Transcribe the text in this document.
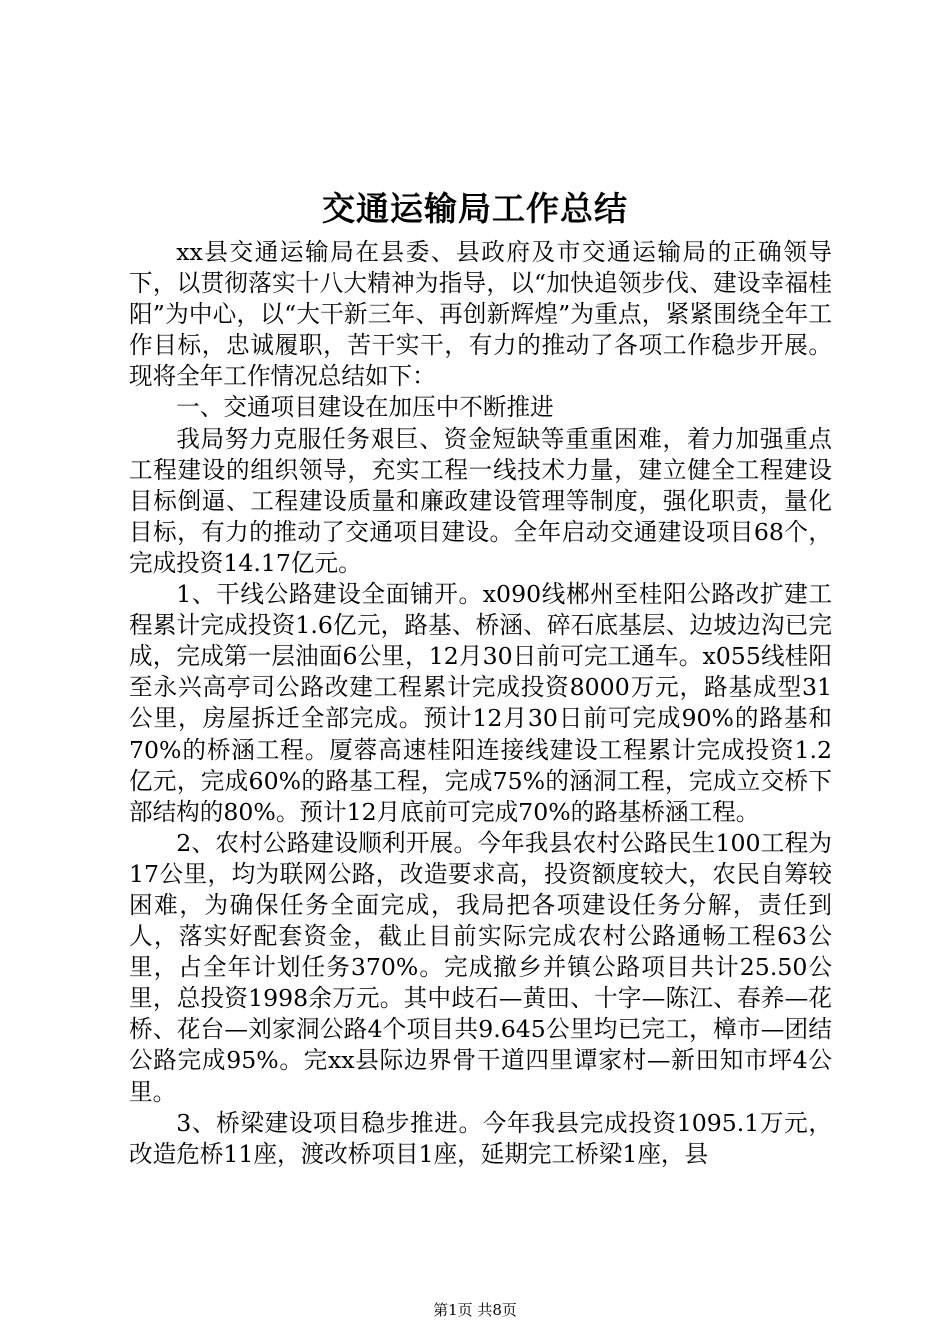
交通运输局工作总结

xx县交通运输局在县委、县政府及市交通运输局的正确领导下，以贯彻落实十八大精神为指导，以“加快追领步伐、建设幸福桂阳”为中心，以“大干新三年、再创新辉煌”为重点，紧紧围绕全年工作目标，忠诚履职，苦干实干，有力的推动了各项工作稳步开展。现将全年工作情况总结如下：

一、交通项目建设在加压中不断推进

我局努力克服任务艰巨、资金短缺等重重困难，着力加强重点工程建设的组织领导，充实工程一线技术力量，建立健全工程建设目标倒逼、工程建设质量和廉政建设管理等制度，强化职责，量化目标，有力的推动了交通项目建设。全年启动交通建设项目68个，完成投资14.17亿元。

1、干线公路建设全面铺开。x090线郴州至桂阳公路改扩建工程累计完成投资1.6亿元，路基、桥涵、碎石底基层、边坡边沟已完成，完成第一层油面6公里，12月30日前可完工通车。x055线桂阳至永兴高亭司公路改建工程累计完成投资8000万元，路基成型31公里，房屋拆迁全部完成。预计12月30日前可完成90%的路基和70%的桥涵工程。厦蓉高速桂阳连接线建设工程累计完成投资1.2亿元，完成60%的路基工程，完成75%的涵洞工程，完成立交桥下部结构的80%。预计12月底前可完成70%的路基桥涵工程。

2、农村公路建设顺利开展。今年我县农村公路民生100工程为17公里，均为联网公路，改造要求高，投资额度较大，农民自筹较困难，为确保任务全面完成，我局把各项建设任务分解，责任到人，落实好配套资金，截止目前实际完成农村公路通畅工程63公里，占全年计划任务370%。完成撤乡并镇公路项目共计25.50公里，总投资1998余万元。其中歧石—黄田、十字—陈江、春养—花桥、花台—刘家洞公路4个项目共9.645公里均已完工，樟市—团结公路完成95%。完xx县际边界骨干道四里谭家村—新田知市坪4公里。

3、桥梁建设项目稳步推进。今年我县完成投资1095.1万元，改造危桥11座，渡改桥项目1座，延期完工桥梁1座，县

第1页 共8页
